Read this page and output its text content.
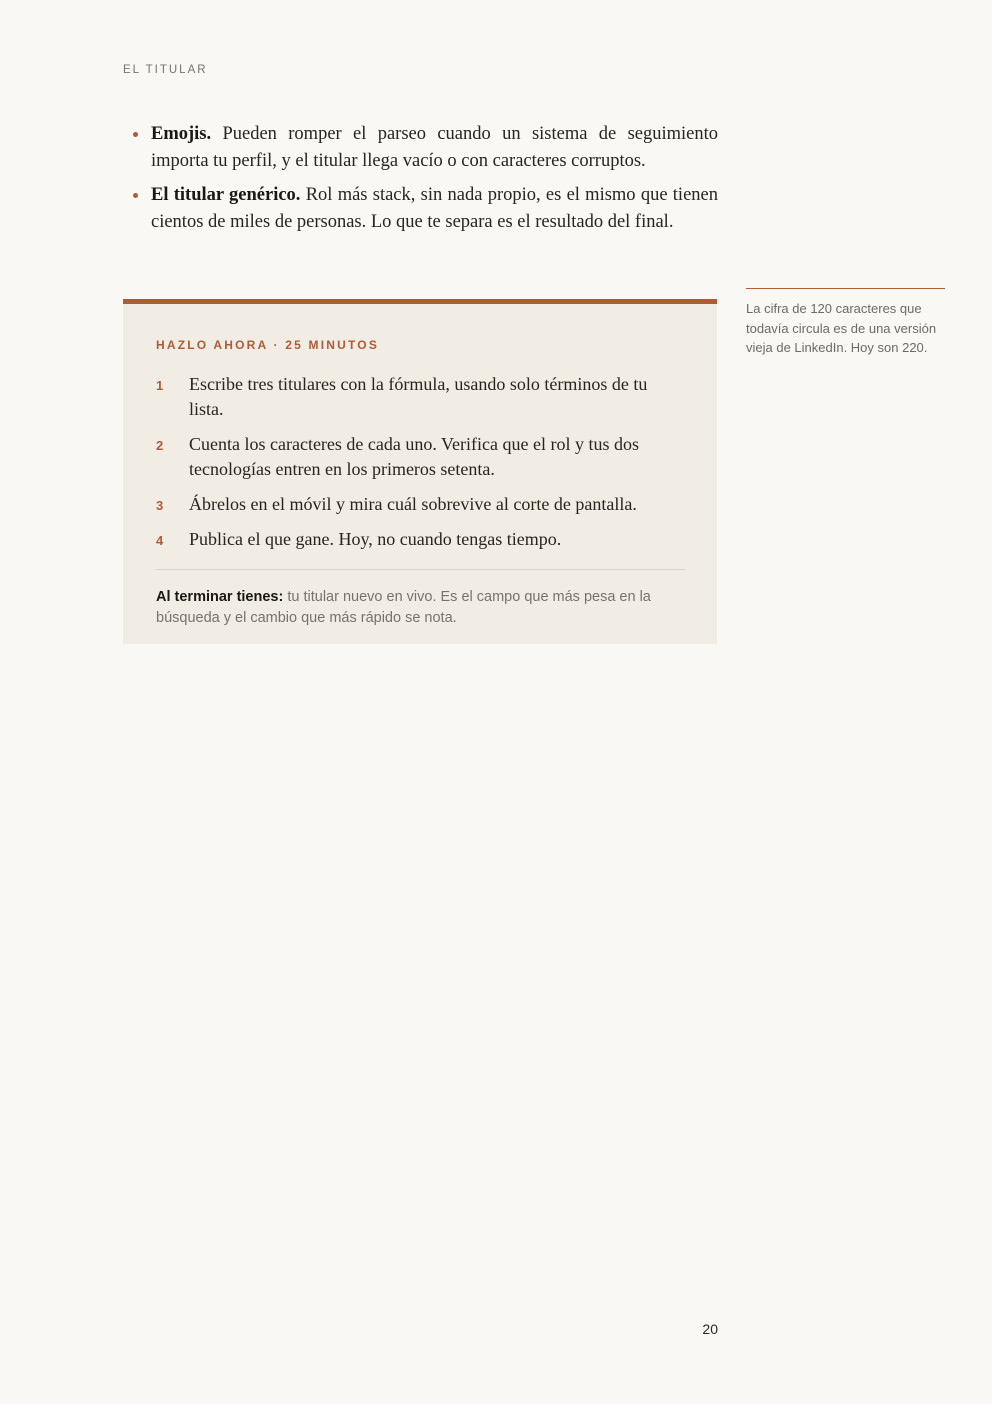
EL TITULAR
Emojis. Pueden romper el parseo cuando un sistema de seguimiento importa tu perfil, y el titular llega vacío o con caracteres corruptos.
El titular genérico. Rol más stack, sin nada propio, es el mismo que tienen cientos de miles de personas. Lo que te separa es el resultado del final.
La cifra de 120 caracteres que todavía circula es de una versión vieja de LinkedIn. Hoy son 220.
HAZLO AHORA · 25 MINUTOS
1 Escribe tres titulares con la fórmula, usando solo términos de tu lista.
2 Cuenta los caracteres de cada uno. Verifica que el rol y tus dos tecnologías entren en los primeros setenta.
3 Ábrelos en el móvil y mira cuál sobrevive al corte de pantalla.
4 Publica el que gane. Hoy, no cuando tengas tiempo.

Al terminar tienes: tu titular nuevo en vivo. Es el campo que más pesa en la búsqueda y el cambio que más rápido se nota.

20
